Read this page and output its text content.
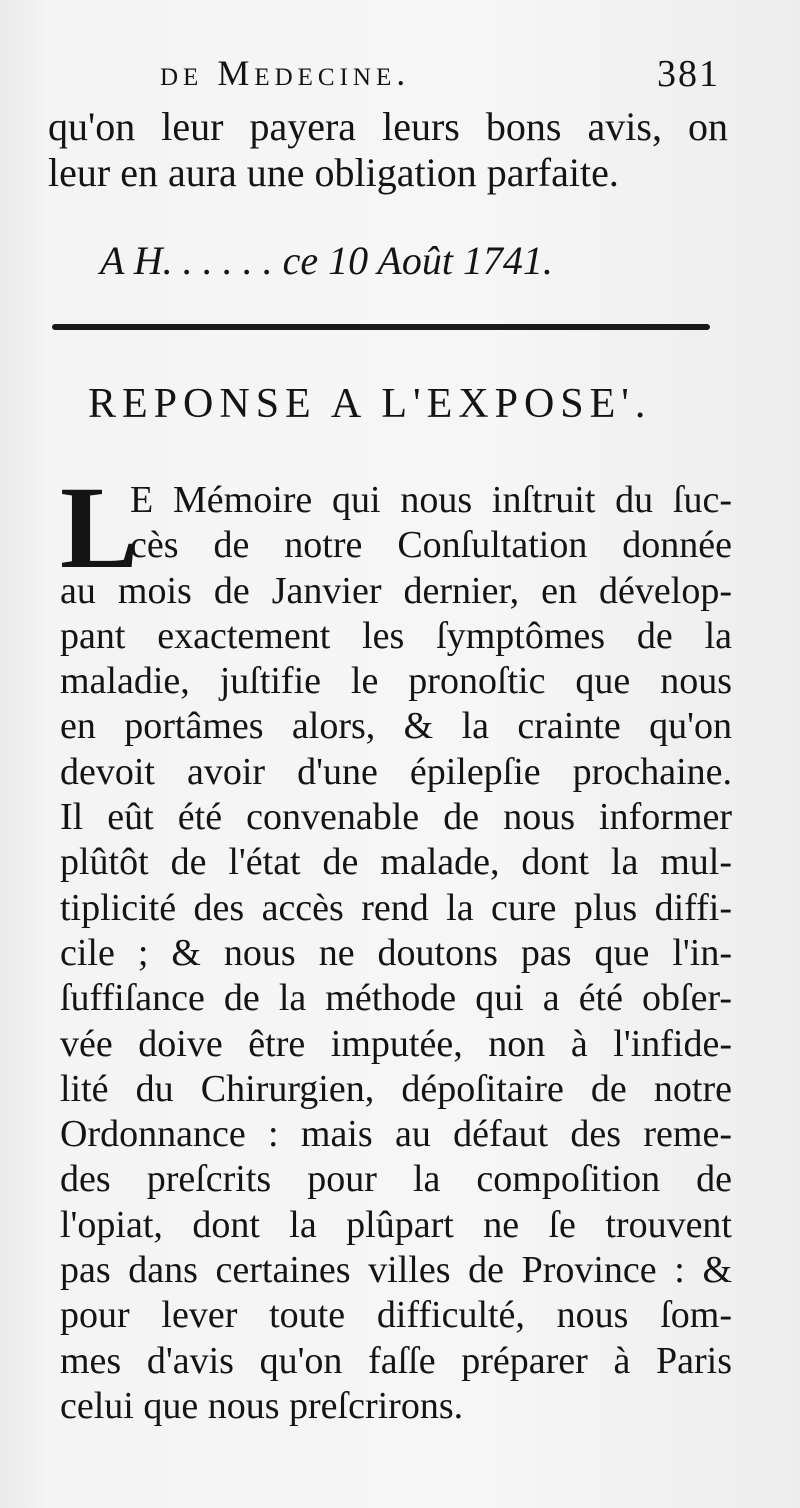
de Medecine.	381
qu'on leur payera leurs bons avis, on
leur en aura une obligation parfaite.
A H. . . . . . ce 10 Août 1741.
REPONSE A L'EXPOSE'.
L
E Mémoire qui nous inſtruit du ſuc-
cès de notre Conſultation donnée
au mois de Janvier dernier, en dévelop-
pant exactement les ſymptômes de la
maladie, juſtifie le pronoſtic que nous
en portâmes alors, & la crainte qu'on
devoit avoir d'une épilepſie prochaine.
Il eût été convenable de nous informer
plûtôt de l'état de malade, dont la mul-
tiplicité des accès rend la cure plus diffi-
cile ; & nous ne doutons pas que l'in-
ſuffiſance de la méthode qui a été obſer-
vée doive être imputée, non à l'infide-
lité du Chirurgien, dépoſitaire de notre
Ordonnance : mais au défaut des reme-
des preſcrits pour la compoſition de
l'opiat, dont la plûpart ne ſe trouvent
pas dans certaines villes de Province : &
pour lever toute difficulté, nous ſom-
mes d'avis qu'on faſſe préparer à Paris
celui que nous preſcrirons.
